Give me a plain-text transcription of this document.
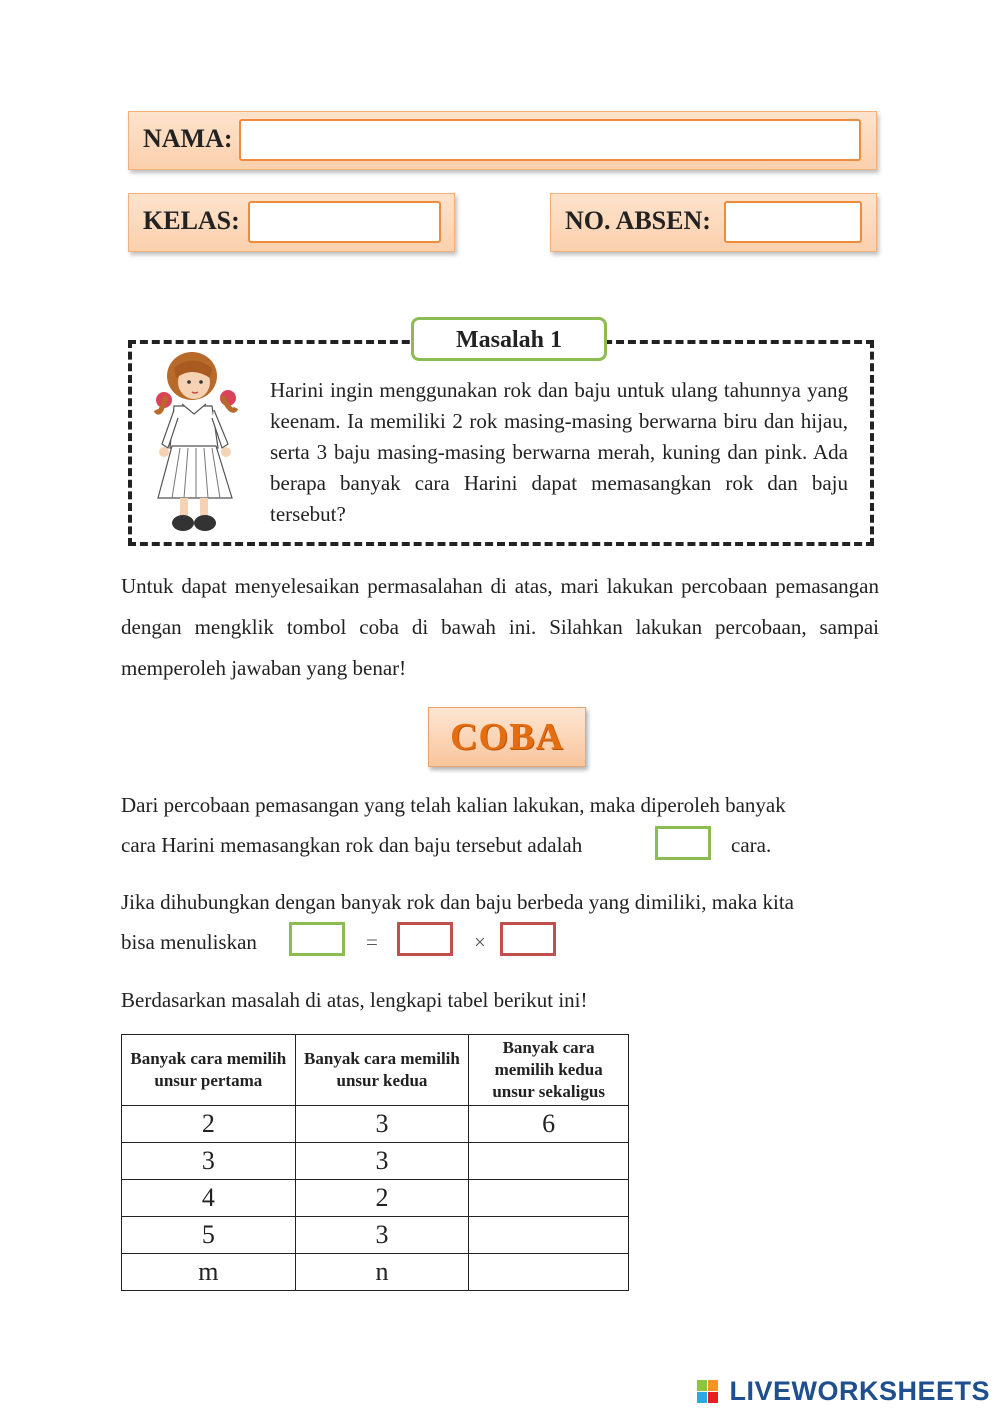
NAMA:
KELAS:	NO. ABSEN:
Masalah 1
Harini ingin menggunakan rok dan baju untuk ulang tahunnya yang keenam. Ia memiliki 2 rok masing-masing berwarna biru dan hijau, serta 3 baju masing-masing berwarna merah, kuning dan pink. Ada berapa banyak cara Harini dapat memasangkan rok dan baju tersebut?
Untuk dapat menyelesaikan permasalahan di atas, mari lakukan percobaan pemasangan dengan mengklik tombol coba di bawah ini. Silahkan lakukan percobaan, sampai memperoleh jawaban yang benar!
COBA
Dari percobaan pemasangan yang telah kalian lakukan, maka diperoleh banyak
cara Harini memasangkan rok dan baju tersebut adalah	cara.
Jika dihubungkan dengan banyak rok dan baju berbeda yang dimiliki, maka kita
bisa menuliskan	=	×
Berdasarkan masalah di atas, lengkapi tabel berikut ini!
Banyak cara memilih unsur pertama	Banyak cara memilih unsur kedua	Banyak cara memilih kedua unsur sekaligus
2	3	6
3	3	
4	2	
5	3	
m	n	
LIVEWORKSHEETS
